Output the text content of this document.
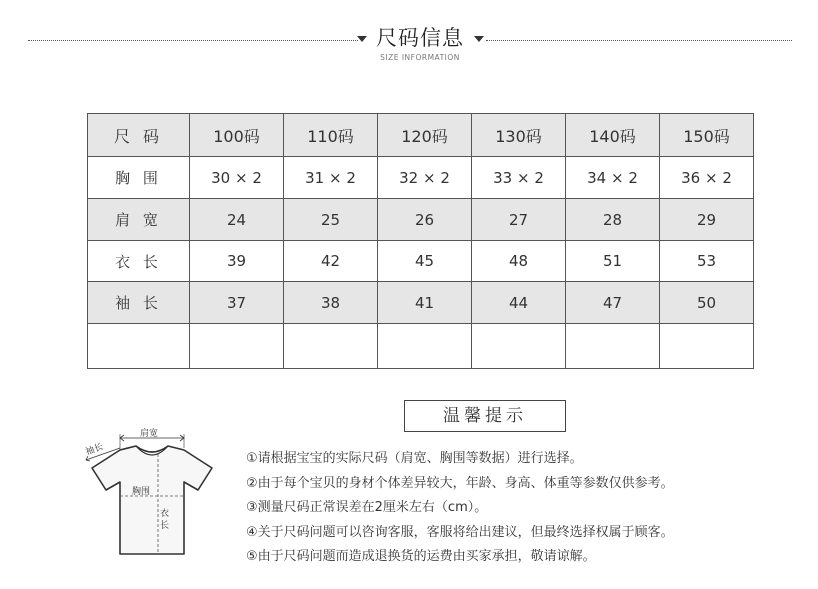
尺码信息
SIZE INFORMATION
尺 码	100码	110码	120码	130码	140码	150码
胸 围	30 × 2	31 × 2	32 × 2	33 × 2	34 × 2	36 × 2
肩 宽	24	25	26	27	28	29
衣 长	39	42	45	48	51	53
袖 长	37	38	41	44	47	50

袖长
肩宽
胸围
衣
长
温馨提示
①请根据宝宝的实际尺码（肩宽、胸围等数据）进行选择。
②由于每个宝贝的身材个体差异较大，年龄、身高、体重等参数仅供参考。
③测量尺码正常误差在2厘米左右（cm）。
④关于尺码问题可以咨询客服，客服将给出建议，但最终选择权属于顾客。
⑤由于尺码问题而造成退换货的运费由买家承担，敬请谅解。
